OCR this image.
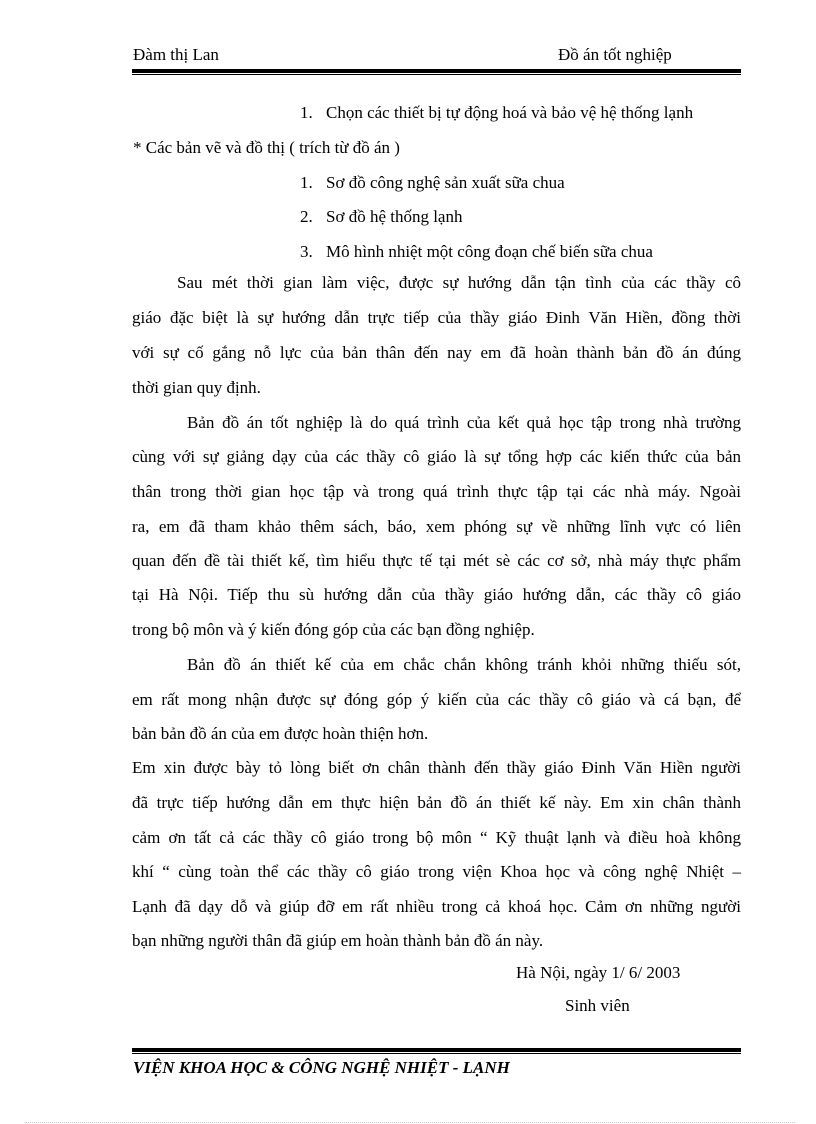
Đàm thị Lan	Đồ án tốt nghiệp
1. Chọn các thiết bị tự động hoá và bảo vệ hệ thống lạnh
* Các bản vẽ và đồ thị ( trích từ đồ án )
1. Sơ đồ công nghệ sản xuất sữa chua
2. Sơ đồ hệ thống lạnh
3. Mô hình nhiệt một công đoạn chế biến sữa chua
Sau mét thời gian làm việc, được sự hướng dẫn tận tình của các thầy cô
giáo đặc biệt là sự hướng dẫn trực tiếp của thầy giáo Đinh Văn Hiền, đồng thời
với sự cố gắng nỗ lực của bản thân đến nay em đã hoàn thành bản đồ án đúng
thời gian quy định.
Bản đồ án tốt nghiệp là do quá trình của kết quả học tập trong nhà trường
cùng với sự giảng dạy của các thầy cô giáo là sự tổng hợp các kiến thức của bản
thân trong thời gian học tập và trong quá trình thực tập tại các nhà máy. Ngoài
ra, em đã tham khảo thêm sách, báo, xem phóng sự về những lĩnh vực có liên
quan đến đề tài thiết kế, tìm hiểu thực tế tại mét sè các cơ sở, nhà máy thực phẩm
tại Hà Nội. Tiếp thu sù hướng dẫn của thầy giáo hướng dẫn, các thầy cô giáo
trong bộ môn và ý kiến đóng góp của các bạn đồng nghiệp.
Bản đồ án thiết kế của em chắc chắn không tránh khỏi những thiếu sót,
em rất mong nhận được sự đóng góp ý kiến của các thầy cô giáo và cá bạn, để
bản bản đồ án của em được hoàn thiện hơn.
Em xin được bày tỏ lòng biết ơn chân thành đến thầy giáo Đinh Văn Hiền người
đã trực tiếp hướng dẫn em thực hiện bản đồ án thiết kế này. Em xin chân thành
cảm ơn tất cả các thầy cô giáo trong bộ môn “ Kỹ thuật lạnh và điều hoà không
khí “ cùng toàn thể các thầy cô giáo trong viện Khoa học và công nghệ Nhiệt –
Lạnh đã dạy dỗ và giúp đỡ em rất nhiều trong cả khoá học. Cảm ơn những người
bạn những người thân đã giúp em hoàn thành bản đồ án này.
Hà Nội, ngày 1/ 6/ 2003
Sinh viên
VIỆN KHOA HỌC & CÔNG NGHỆ NHIỆT - LẠNH
